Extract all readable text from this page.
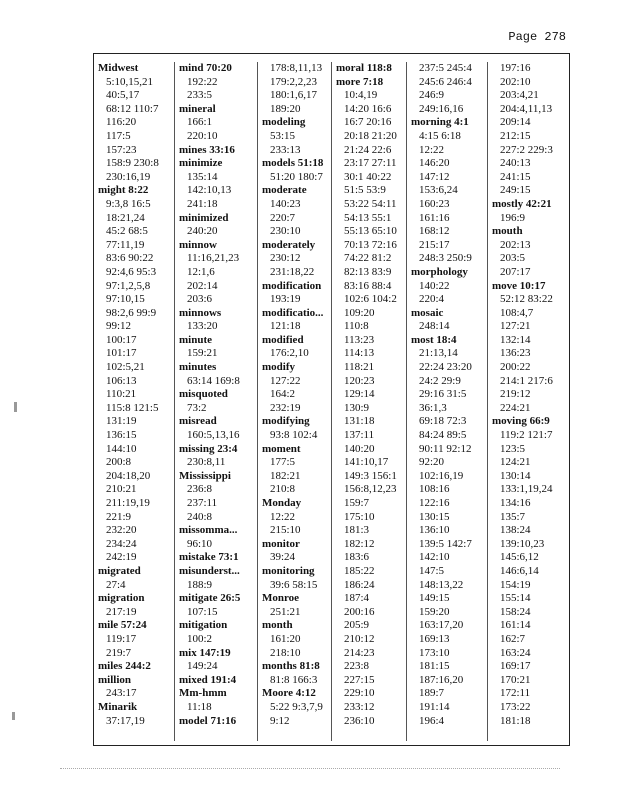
Page 278
Midwest
5:10,15,21
40:5,17
68:12 110:7
116:20
117:5
157:23
158:9 230:8
230:16,19
might 8:22
9:3,8 16:5
18:21,24
45:2 68:5
77:11,19
83:6 90:22
92:4,6 95:3
97:1,2,5,8
97:10,15
98:2,6 99:9
99:12
100:17
101:17
102:5,21
106:13
110:21
115:8 121:5
131:19
136:15
144:10
200:8
204:18,20
210:21
211:19,19
221:9
232:20
234:24
242:19
migrated
27:4
migration
217:19
mile 57:24
119:17
219:7
miles 244:2
million
243:17
Minarik
37:17,19
mind 70:20
192:22
233:5
mineral
166:1
220:10
mines 33:16
minimize
135:14
142:10,13
241:18
minimized
240:20
minnow
11:16,21,23
12:1,6
202:14
203:6
minnows
133:20
minute
159:21
minutes
63:14 169:8
misquoted
73:2
misread
160:5,13,16
missing 23:4
230:8,11
Mississippi
236:8
237:11
240:8
missomma...
96:10
mistake 73:1
misunderst...
188:9
mitigate 26:5
107:15
mitigation
100:2
mix 147:19
149:24
mixed 191:4
Mm-hmm
11:18
model 71:16
178:8,11,13
179:2,2,23
180:1,6,17
189:20
modeling
53:15
233:13
models 51:18
51:20 180:7
moderate
140:23
220:7
230:10
moderately
230:12
231:18,22
modification
193:19
modificatio...
121:18
modified
176:2,10
modify
127:22
164:2
232:19
modifying
93:8 102:4
moment
177:5
182:21
210:8
Monday
12:22
215:10
monitor
39:24
monitoring
39:6 58:15
Monroe
251:21
month
161:20
218:10
months 81:8
81:8 166:3
Moore 4:12
5:22 9:3,7,9
9:12
moral 118:8
more 7:18
10:4,19
14:20 16:6
16:7 20:16
20:18 21:20
21:24 22:6
23:17 27:11
30:1 40:22
51:5 53:9
53:22 54:11
54:13 55:1
55:13 65:10
70:13 72:16
74:22 81:2
82:13 83:9
83:16 88:4
102:6 104:2
109:20
110:8
113:23
114:13
118:21
120:23
129:14
130:9
131:18
137:11
140:20
141:10,17
149:3 156:1
156:8,12,23
159:7
175:10
181:3
182:12
183:6
185:22
186:24
187:4
200:16
205:9
210:12
214:23
223:8
227:15
229:10
233:12
236:10
237:5 245:4
245:6 246:4
246:9
249:16,16
morning 4:1
4:15 6:18
12:22
146:20
147:12
153:6,24
160:23
161:16
168:12
215:17
248:3 250:9
morphology
140:22
220:4
mosaic
248:14
most 18:4
21:13,14
22:24 23:20
24:2 29:9
29:16 31:5
36:1,3
69:18 72:3
84:24 89:5
90:11 92:12
92:20
102:16,19
108:16
122:16
130:15
136:10
139:5 142:7
142:10
147:5
148:13,22
149:15
159:20
163:17,20
169:13
173:10
181:15
187:16,20
189:7
191:14
196:4
197:16
202:10
203:4,21
204:4,11,13
209:14
212:15
227:2 229:3
240:13
241:15
249:15
mostly 42:21
196:9
mouth
202:13
203:5
207:17
move 10:17
52:12 83:22
108:4,7
127:21
132:14
136:23
200:22
214:1 217:6
219:12
224:21
moving 66:9
119:2 121:7
123:5
124:21
130:14
133:1,19,24
134:16
135:7
138:24
139:10,23
145:6,12
146:6,14
154:19
155:14
158:24
161:14
162:7
163:24
169:17
170:21
172:11
173:22
181:18
